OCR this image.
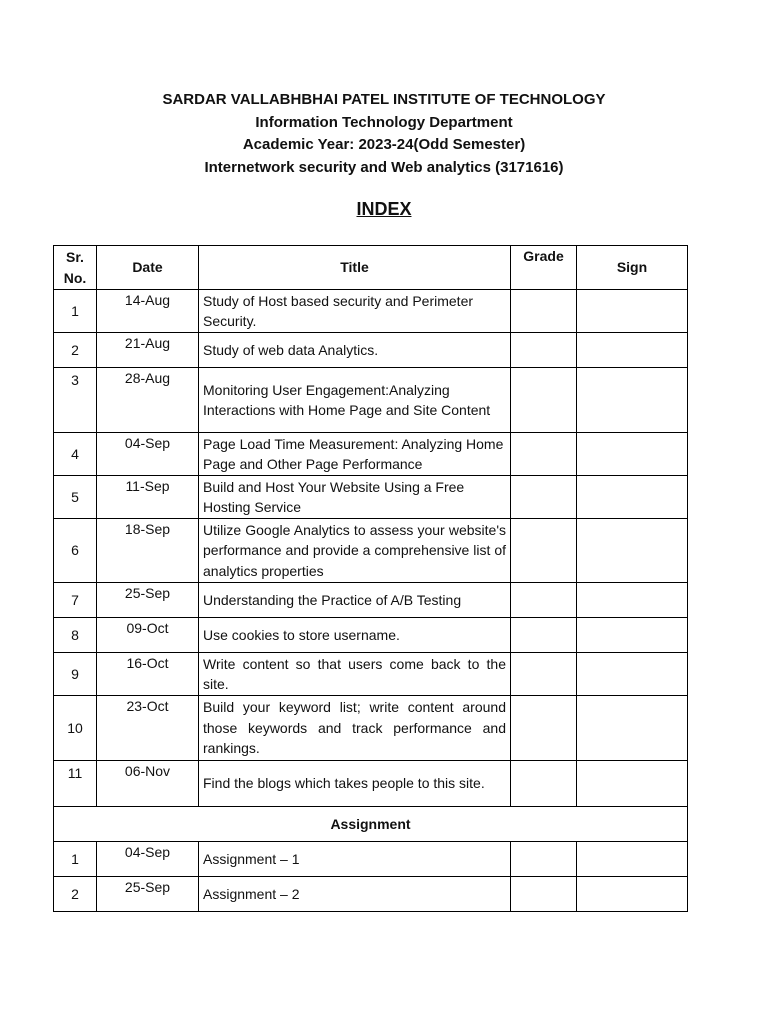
SARDAR VALLABHBHAI PATEL INSTITUTE OF TECHNOLOGY
Information Technology Department
Academic Year: 2023-24(Odd Semester)
Internetwork security and Web analytics (3171616)
INDEX
Sr.
No.	Date	Title	Grade	Sign
1	14-Aug	Study of Host based security and Perimeter Security.		
2	21-Aug	Study of web data Analytics.		
3	28-Aug	Monitoring User Engagement:Analyzing Interactions with Home Page and Site Content		
4	04-Sep	Page Load Time Measurement: Analyzing Home Page and Other Page Performance		
5	11-Sep	Build and Host Your Website Using a Free Hosting Service		
6	18-Sep	Utilize Google Analytics to assess your website's performance and provide a comprehensive list of analytics properties		
7	25-Sep	Understanding the Practice of A/B Testing		
8	09-Oct	Use cookies to store username.		
9	16-Oct	Write content so that users come back to the site.		
10	23-Oct	Build your keyword list; write content around those keywords and track performance and rankings.		
11	06-Nov	Find the blogs which takes people to this site.		
Assignment				
1	04-Sep	Assignment – 1		
2	25-Sep	Assignment – 2		
